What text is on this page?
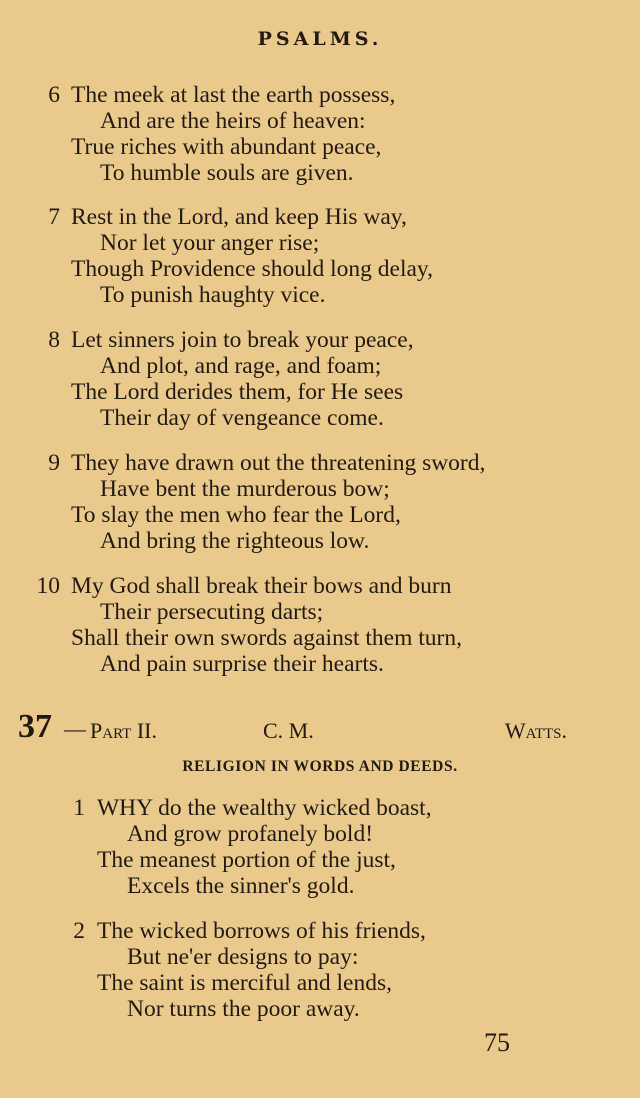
PSALMS.
6 The meek at last the earth possess,
And are the heirs of heaven:
True riches with abundant peace,
To humble souls are given.
7 Rest in the Lord, and keep His way,
Nor let your anger rise;
Though Providence should long delay,
To punish haughty vice.
8 Let sinners join to break your peace,
And plot, and rage, and foam;
The Lord derides them, for He sees
Their day of vengeance come.
9 They have drawn out the threatening sword,
Have bent the murderous bow;
To slay the men who fear the Lord,
And bring the righteous low.
10 My God shall break their bows and burn
Their persecuting darts;
Shall their own swords against them turn,
And pain surprise their hearts.
37 — Part II.	C. M.	Watts.
RELIGION IN WORDS AND DEEDS.
1 WHY do the wealthy wicked boast,
And grow profanely bold!
The meanest portion of the just,
Excels the sinner's gold.
2 The wicked borrows of his friends,
But ne'er designs to pay:
The saint is merciful and lends,
Nor turns the poor away.
75
